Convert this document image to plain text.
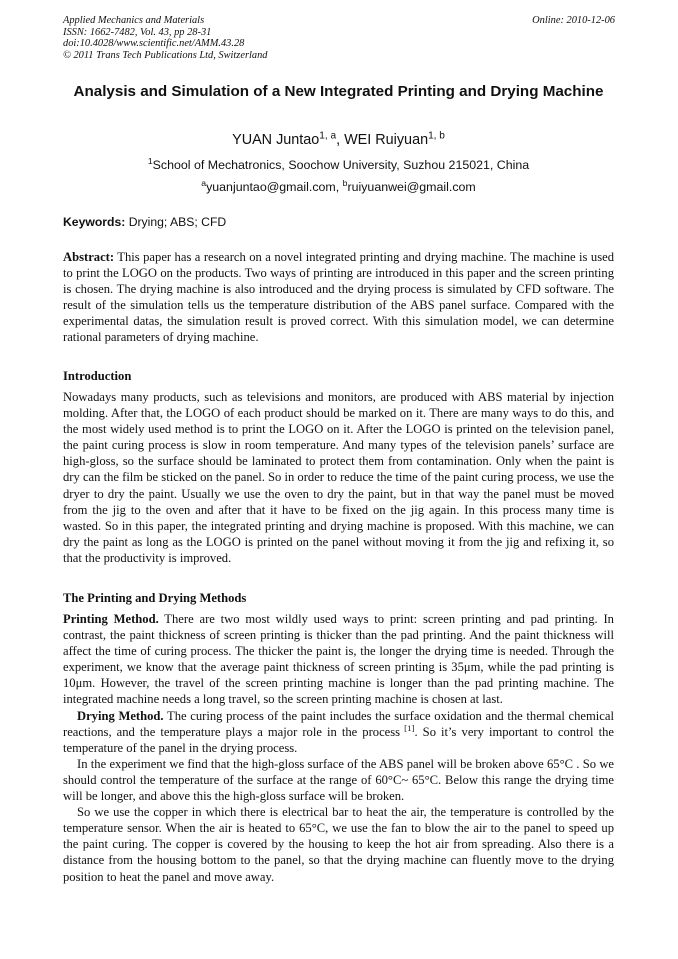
Applied Mechanics and Materials
ISSN: 1662-7482, Vol. 43, pp 28-31
doi:10.4028/www.scientific.net/AMM.43.28
© 2011 Trans Tech Publications Ltd, Switzerland
Online: 2010-12-06
Analysis and Simulation of a New Integrated Printing and Drying Machine
YUAN Juntao$^{1, a}$, WEI Ruiyuan$^{1, b}$
$^1$School of Mechatronics, Soochow University, Suzhou 215021, China
$^a$yuanjuntao@gmail.com, $^b$ruiyuanwei@gmail.com
Keywords: Drying; ABS; CFD

Abstract: This paper has a research on a novel integrated printing and drying machine. The machine is used to print the LOGO on the products. Two ways of printing are introduced in this paper and the screen printing is chosen. The drying machine is also introduced and the drying process is simulated by CFD software. The result of the simulation tells us the temperature distribution of the ABS panel surface. Compared with the experimental datas, the simulation result is proved correct. With this simulation model, we can determine rational parameters of drying machine.

Introduction

Nowadays many products, such as televisions and monitors, are produced with ABS material by injection molding. After that, the LOGO of each product should be marked on it. There are many ways to do this, and the most widely used method is to print the LOGO on it. After the LOGO is printed on the television panel, the paint curing process is slow in room temperature. And many types of the television panels’ surface are high-gloss, so the surface should be laminated to protect them from contamination. Only when the paint is dry can the film be sticked on the panel. So in order to reduce the time of the paint curing process, we use the dryer to dry the paint. Usually we use the oven to dry the paint, but in that way the panel must be moved from the jig to the oven and after that it have to be fixed on the jig again. In this process many time is wasted. So in this paper, the integrated printing and drying machine is proposed. With this machine, we can dry the paint as long as the LOGO is printed on the panel without moving it from the jig and refixing it, so that the productivity is improved.

The Printing and Drying Methods

Printing Method. There are two most wildly used ways to print: screen printing and pad printing. In contrast, the paint thickness of screen printing is thicker than the pad printing. And the paint thickness will affect the time of curing process. The thicker the paint is, the longer the drying time is needed. Through the experiment, we know that the average paint thickness of screen printing is 35μm, while the pad printing is 10μm. However, the travel of the screen printing machine is longer than the pad printing machine. The integrated machine needs a long travel, so the screen printing machine is chosen at last.

Drying Method. The curing process of the paint includes the surface oxidation and the thermal chemical reactions, and the temperature plays a major role in the process [1]. So it’s very important to control the temperature of the panel in the drying process.

In the experiment we find that the high-gloss surface of the ABS panel will be broken above 65°C . So we should control the temperature of the surface at the range of 60°C~ 65°C. Below this range the drying time will be longer, and above this the high-gloss surface will be broken.

So we use the copper in which there is electrical bar to heat the air, the temperature is controlled by the temperature sensor. When the air is heated to 65°C, we use the fan to blow the air to the panel to speed up the paint curing. The copper is covered by the housing to keep the hot air from spreading. Also there is a distance from the housing bottom to the panel, so that the drying machine can fluently move to the drying position to heat the panel and move away.
